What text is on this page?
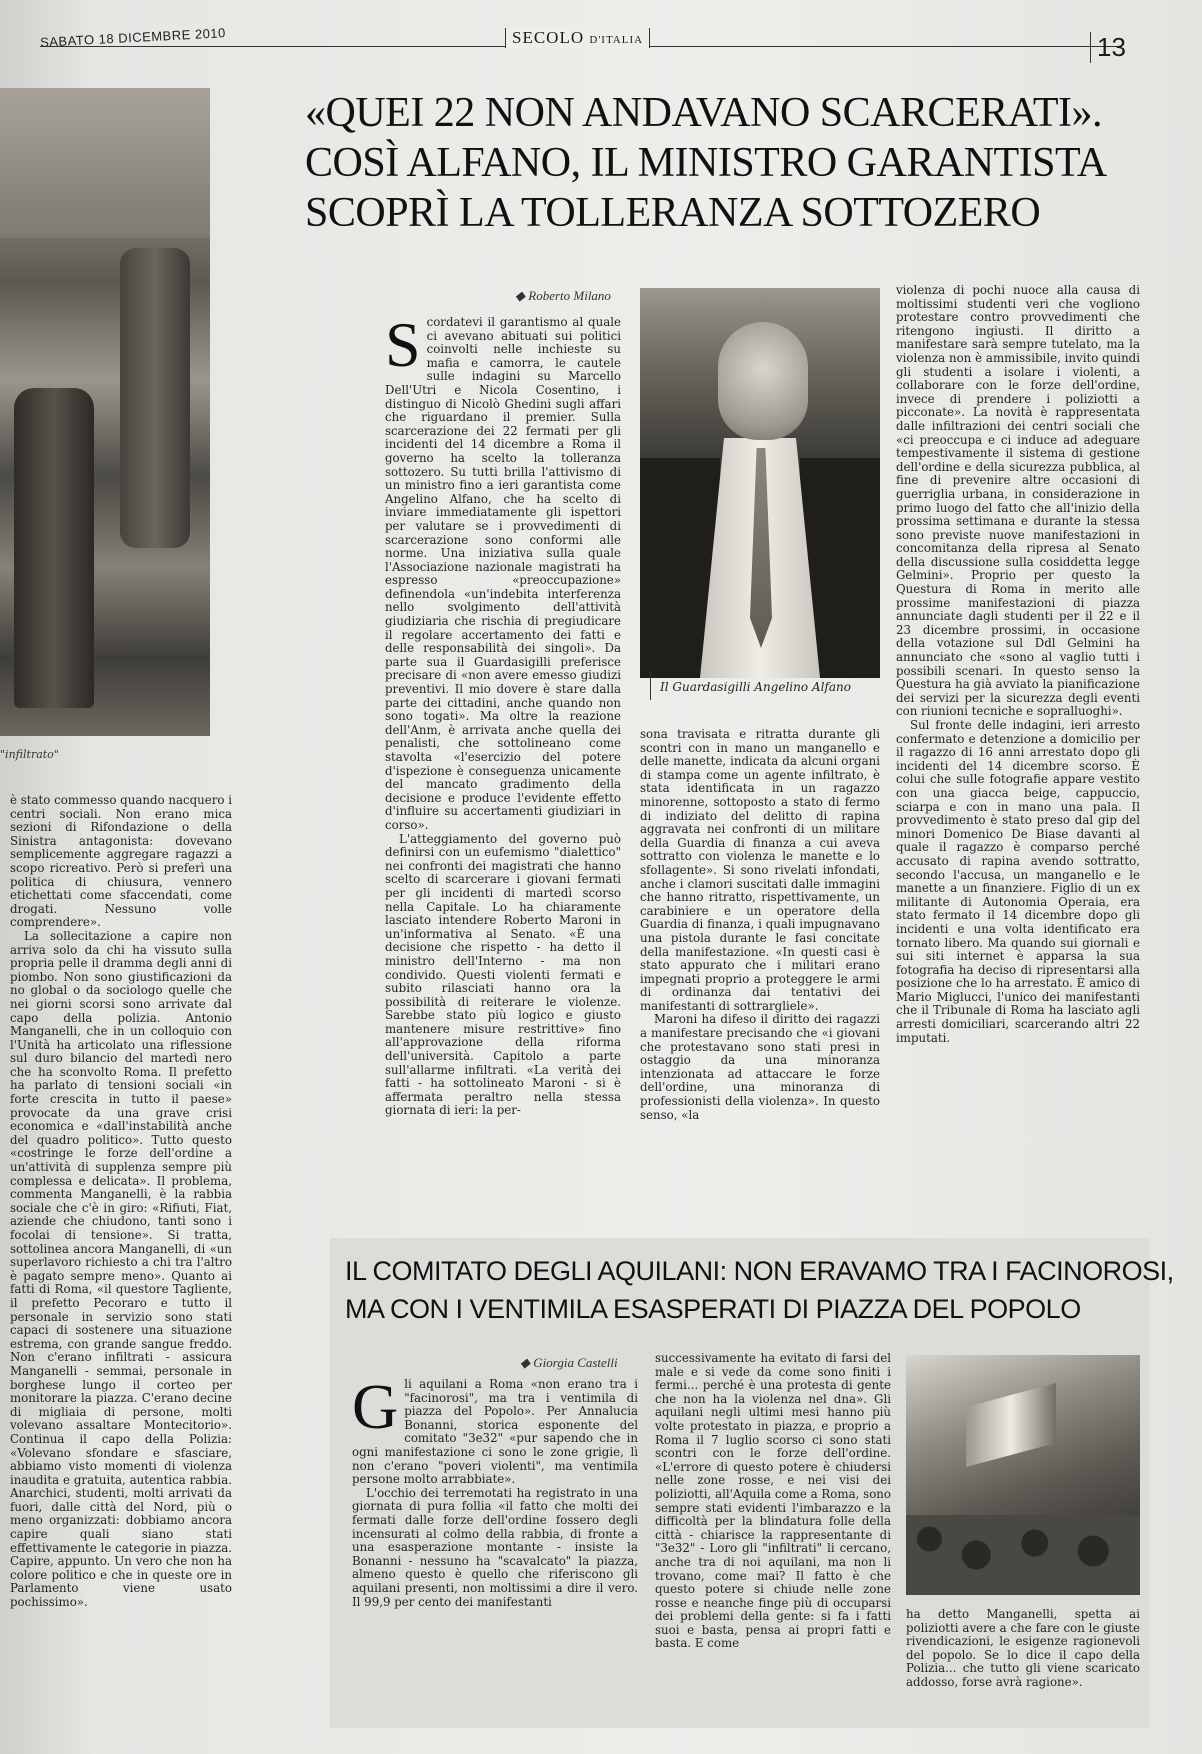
SABATO 18 DICEMBRE 2010	SECOLO D'ITALIA	13
"infiltrato"
«QUEI 22 NON ANDAVANO SCARCERATI».
COSÌ ALFANO, IL MINISTRO GARANTISTA
SCOPRÌ LA TOLLERANZA SOTTOZERO
◆ Roberto Milano

è stato commesso quando nacquero i centri sociali. Non erano mica sezioni di Rifondazione o della Sinistra antagonista: dovevano semplicemente aggregare ragazzi a scopo ricreativo. Però si preferì una politica di chiusura, vennero etichettati come sfaccendati, come drogati. Nessuno volle comprendere».

La sollecitazione a capire non arriva solo da chi ha vissuto sulla propria pelle il dramma degli anni di piombo. Non sono giustificazioni da no global o da sociologo quelle che nei giorni scorsi sono arrivate dal capo della polizia. Antonio Manganelli, che in un colloquio con l'Unità ha articolato una riflessione sul duro bilancio del martedì nero che ha sconvolto Roma. Il prefetto ha parlato di tensioni sociali «in forte crescita in tutto il paese» provocate da una grave crisi economica e «dall'instabilità anche del quadro politico». Tutto questo «costringe le forze dell'ordine a un'attività di supplenza sempre più complessa e delicata». Il problema, commenta Manganelli, è la rabbia sociale che c'è in giro: «Rifiuti, Fiat, aziende che chiudono, tanti sono i focolai di tensione». Si tratta, sottolinea ancora Manganelli, di «un superlavoro richiesto a chi tra l'altro è pagato sempre meno». Quanto ai fatti di Roma, «il questore Tagliente, il prefetto Pecoraro e tutto il personale in servizio sono stati capaci di sostenere una situazione estrema, con grande sangue freddo. Non c'erano infiltrati - assicura Manganelli - semmai, personale in borghese lungo il corteo per monitorare la piazza. C'erano decine di migliaia di persone, molti volevano assaltare Montecitorio». Continua il capo della Polizia: «Volevano sfondare e sfasciare, abbiamo visto momenti di violenza inaudita e gratuita, autentica rabbia. Anarchici, studenti, molti arrivati da fuori, dalle città del Nord, più o meno organizzati: dobbiamo ancora capire quali siano stati effettivamente le categorie in piazza. Capire, appunto. Un vero che non ha colore politico e che in queste ore in Parlamento viene usato pochissimo».

S cordatevi il garantismo al quale ci avevano abituati sui politici coinvolti nelle inchieste su mafia e camorra, le cautele sulle indagini su Marcello Dell'Utri e Nicola Cosentino, i distinguo di Nicolò Ghedini sugli affari che riguardano il premier. Sulla scarcerazione dei 22 fermati per gli incidenti del 14 dicembre a Roma il governo ha scelto la tolleranza sottozero. Su tutti brilla l'attivismo di un ministro fino a ieri garantista come Angelino Alfano, che ha scelto di inviare immediatamente gli ispettori per valutare se i provvedimenti di scarcerazione sono conformi alle norme. Una iniziativa sulla quale l'Associazione nazionale magistrati ha espresso «preoccupazione» definendola «un'indebita interferenza nello svolgimento dell'attività giudiziaria che rischia di pregiudicare il regolare accertamento dei fatti e delle responsabilità dei singoli». Da parte sua il Guardasigilli preferisce precisare di «non avere emesso giudizi preventivi. Il mio dovere è stare dalla parte dei cittadini, anche quando non sono togati». Ma oltre la reazione dell'Anm, è arrivata anche quella dei penalisti, che sottolineano come stavolta «l'esercizio del potere d'ispezione è conseguenza unicamente del mancato gradimento della decisione e produce l'evidente effetto d'influire su accertamenti giudiziari in corso».

L'atteggiamento del governo può definirsi con un eufemismo "dialettico" nei confronti dei magistrati che hanno scelto di scarcerare i giovani fermati per gli incidenti di martedì scorso nella Capitale. Lo ha chiaramente lasciato intendere Roberto Maroni in un'informativa al Senato. «È una decisione che rispetto - ha detto il ministro dell'Interno - ma non condivido. Questi violenti fermati e subito rilasciati hanno ora la possibilità di reiterare le violenze. Sarebbe stato più logico e giusto mantenere misure restrittive» fino all'approvazione della riforma dell'università. Capitolo a parte sull'allarme infiltrati. «La verità dei fatti - ha sottolineato Maroni - si è affermata peraltro nella stessa giornata di ieri: la per-

Il Guardasigilli Angelino Alfano

sona travisata e ritratta durante gli scontri con in mano un manganello e delle manette, indicata da alcuni organi di stampa come un agente infiltrato, è stata identificata in un ragazzo minorenne, sottoposto a stato di fermo di indiziato del delitto di rapina aggravata nei confronti di un militare della Guardia di finanza a cui aveva sottratto con violenza le manette e lo sfollagente». Si sono rivelati infondati, anche i clamori suscitati dalle immagini che hanno ritratto, rispettivamente, un carabiniere e un operatore della Guardia di finanza, i quali impugnavano una pistola durante le fasi concitate della manifestazione. «In questi casi è stato appurato che i militari erano impegnati proprio a proteggere le armi di ordinanza dai tentativi dei manifestanti di sottrargliele».

Maroni ha difeso il diritto dei ragazzi a manifestare precisando che «i giovani che protestavano sono stati presi in ostaggio da una minoranza intenzionata ad attaccare le forze dell'ordine, una minoranza di professionisti della violenza». In questo senso, «la

violenza di pochi nuoce alla causa di moltissimi studenti veri che vogliono protestare contro provvedimenti che ritengono ingiusti. Il diritto a manifestare sarà sempre tutelato, ma la violenza non è ammissibile, invito quindi gli studenti a isolare i violenti, a collaborare con le forze dell'ordine, invece di prendere i poliziotti a picconate». La novità è rappresentata dalle infiltrazioni dei centri sociali che «ci preoccupa e ci induce ad adeguare tempestivamente il sistema di gestione dell'ordine e della sicurezza pubblica, al fine di prevenire altre occasioni di guerriglia urbana, in considerazione in primo luogo del fatto che all'inizio della prossima settimana e durante la stessa sono previste nuove manifestazioni in concomitanza della ripresa al Senato della discussione sulla cosiddetta legge Gelmini». Proprio per questo la Questura di Roma in merito alle prossime manifestazioni di piazza annunciate dagli studenti per il 22 e il 23 dicembre prossimi, in occasione della votazione sul Ddl Gelmini ha annunciato che «sono al vaglio tutti i possibili scenari. In questo senso la Questura ha già avviato la pianificazione dei servizi per la sicurezza degli eventi con riunioni tecniche e sopralluoghi».

Sul fronte delle indagini, ieri arresto confermato e detenzione a domicilio per il ragazzo di 16 anni arrestato dopo gli incidenti del 14 dicembre scorso. È colui che sulle fotografie appare vestito con una giacca beige, cappuccio, sciarpa e con in mano una pala. Il provvedimento è stato preso dal gip del minori Domenico De Biase davanti al quale il ragazzo è comparso perché accusato di rapina avendo sottratto, secondo l'accusa, un manganello e le manette a un finanziere. Figlio di un ex militante di Autonomia Operaia, era stato fermato il 14 dicembre dopo gli incidenti e una volta identificato era tornato libero. Ma quando sui giornali e sui siti internet è apparsa la sua fotografia ha deciso di ripresentarsi alla posizione che lo ha arrestato. È amico di Mario Miglucci, l'unico dei manifestanti che il Tribunale di Roma ha lasciato agli arresti domiciliari, scarcerando altri 22 imputati.

IL COMITATO DEGLI AQUILANI: NON ERAVAMO TRA I FACINOROSI,
MA CON I VENTIMILA ESASPERATI DI PIAZZA DEL POPOLO
◆ Giorgia Castelli
G li aquilani a Roma «non erano tra i "facinorosi", ma tra i ventimila di piazza del Popolo». Per Annalucia Bonanni, storica esponente del comitato "3e32" «pur sapendo che in ogni manifestazione ci sono le zone grigie, lì non c'erano "poveri violenti", ma ventimila persone molto arrabbiate».

L'occhio dei terremotati ha registrato in una giornata di pura follia «il fatto che molti dei fermati dalle forze dell'ordine fossero degli incensurati al colmo della rabbia, di fronte a una esasperazione montante - insiste la Bonanni - nessuno ha "scavalcato" la piazza, almeno questo è quello che riferiscono gli aquilani presenti, non moltissimi a dire il vero. Il 99,9 per cento dei manifestanti

successivamente ha evitato di farsi del male e si vede da come sono finiti i fermi... perché è una protesta di gente che non ha la violenza nel dna». Gli aquilani negli ultimi mesi hanno più volte protestato in piazza, e proprio a Roma il 7 luglio scorso ci sono stati scontri con le forze dell'ordine. «L'errore di questo potere è chiudersi nelle zone rosse, e nei visi dei poliziotti, all'Aquila come a Roma, sono sempre stati evidenti l'imbarazzo e la difficoltà per la blindatura folle della città - chiarisce la rappresentante di "3e32" - Loro gli "infiltrati" li cercano, anche tra di noi aquilani, ma non li trovano, come mai? Il fatto è che questo potere si chiude nelle zone rosse e neanche finge più di occuparsi dei problemi della gente: si fa i fatti suoi e basta, pensa ai propri fatti e basta. E come

ha detto Manganelli, spetta ai poliziotti avere a che fare con le giuste rivendicazioni, le esigenze ragionevoli del popolo. Se lo dice il capo della Polizia... che tutto gli viene scaricato addosso, forse avrà ragione».
